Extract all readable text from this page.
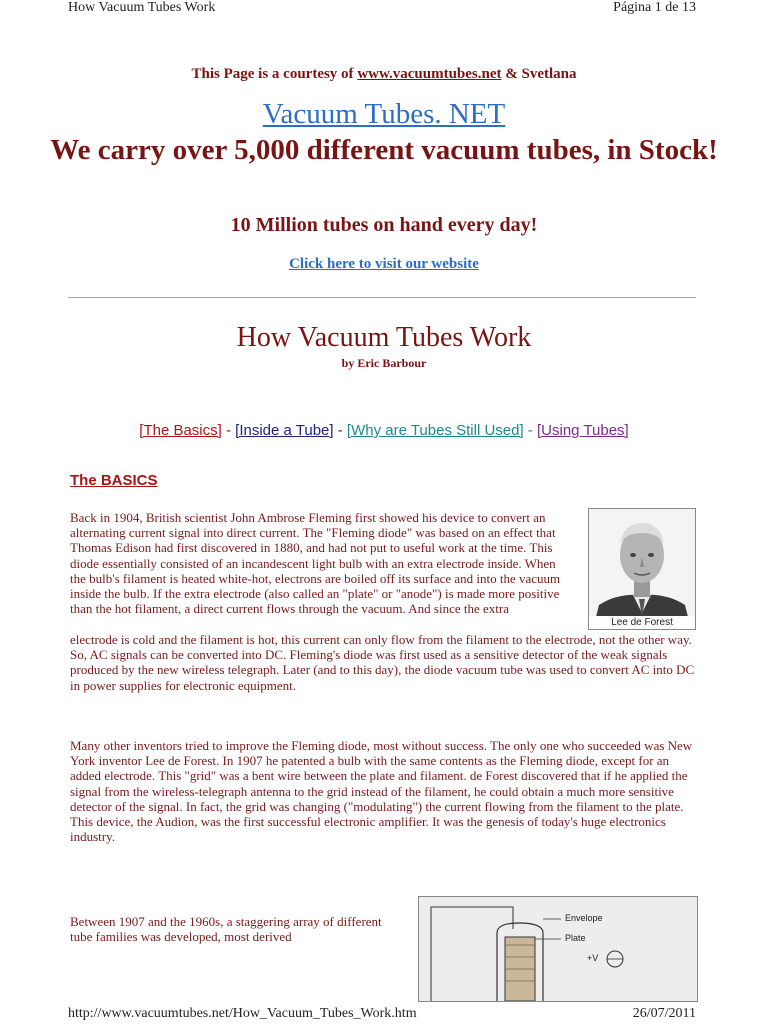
How Vacuum Tubes Work	Página 1 de 13
This Page is a courtesy of www.vacuumtubes.net & Svetlana
Vacuum Tubes. NET
We carry over 5,000 different vacuum tubes, in Stock!
10 Million tubes on hand every day!
Click here to visit our website
How Vacuum Tubes Work
by Eric Barbour
[The Basics] - [Inside a Tube] - [Why are Tubes Still Used] - [Using Tubes]
The BASICS

Back in 1904, British scientist John Ambrose Fleming first showed his device to convert an alternating current signal into direct current. The "Fleming diode" was based on an effect that Thomas Edison had first discovered in 1880, and had not put to useful work at the time. This diode essentially consisted of an incandescent light bulb with an extra electrode inside. When the bulb's filament is heated white-hot, electrons are boiled off its surface and into the vacuum inside the bulb. If the extra electrode (also called an "plate" or "anode") is made more positive than the hot filament, a direct current flows through the vacuum. And since the extra

Lee de Forest

electrode is cold and the filament is hot, this current can only flow from the filament to the electrode, not the other way. So, AC signals can be converted into DC. Fleming's diode was first used as a sensitive detector of the weak signals produced by the new wireless telegraph. Later (and to this day), the diode vacuum tube was used to convert AC into DC in power supplies for electronic equipment.

Many other inventors tried to improve the Fleming diode, most without success. The only one who succeeded was New York inventor Lee de Forest. In 1907 he patented a bulb with the same contents as the Fleming diode, except for an added electrode. This "grid" was a bent wire between the plate and filament. de Forest discovered that if he applied the signal from the wireless-telegraph antenna to the grid instead of the filament, he could obtain a much more sensitive detector of the signal. In fact, the grid was changing ("modulating") the current flowing from the filament to the plate. This device, the Audion, was the first successful electronic amplifier. It was the genesis of today's huge electronics industry.

Between 1907 and the 1960s, a staggering array of different tube families was developed, most derived

Envelope
Plate
+V
http://www.vacuumtubes.net/How_Vacuum_Tubes_Work.htm	26/07/2011
